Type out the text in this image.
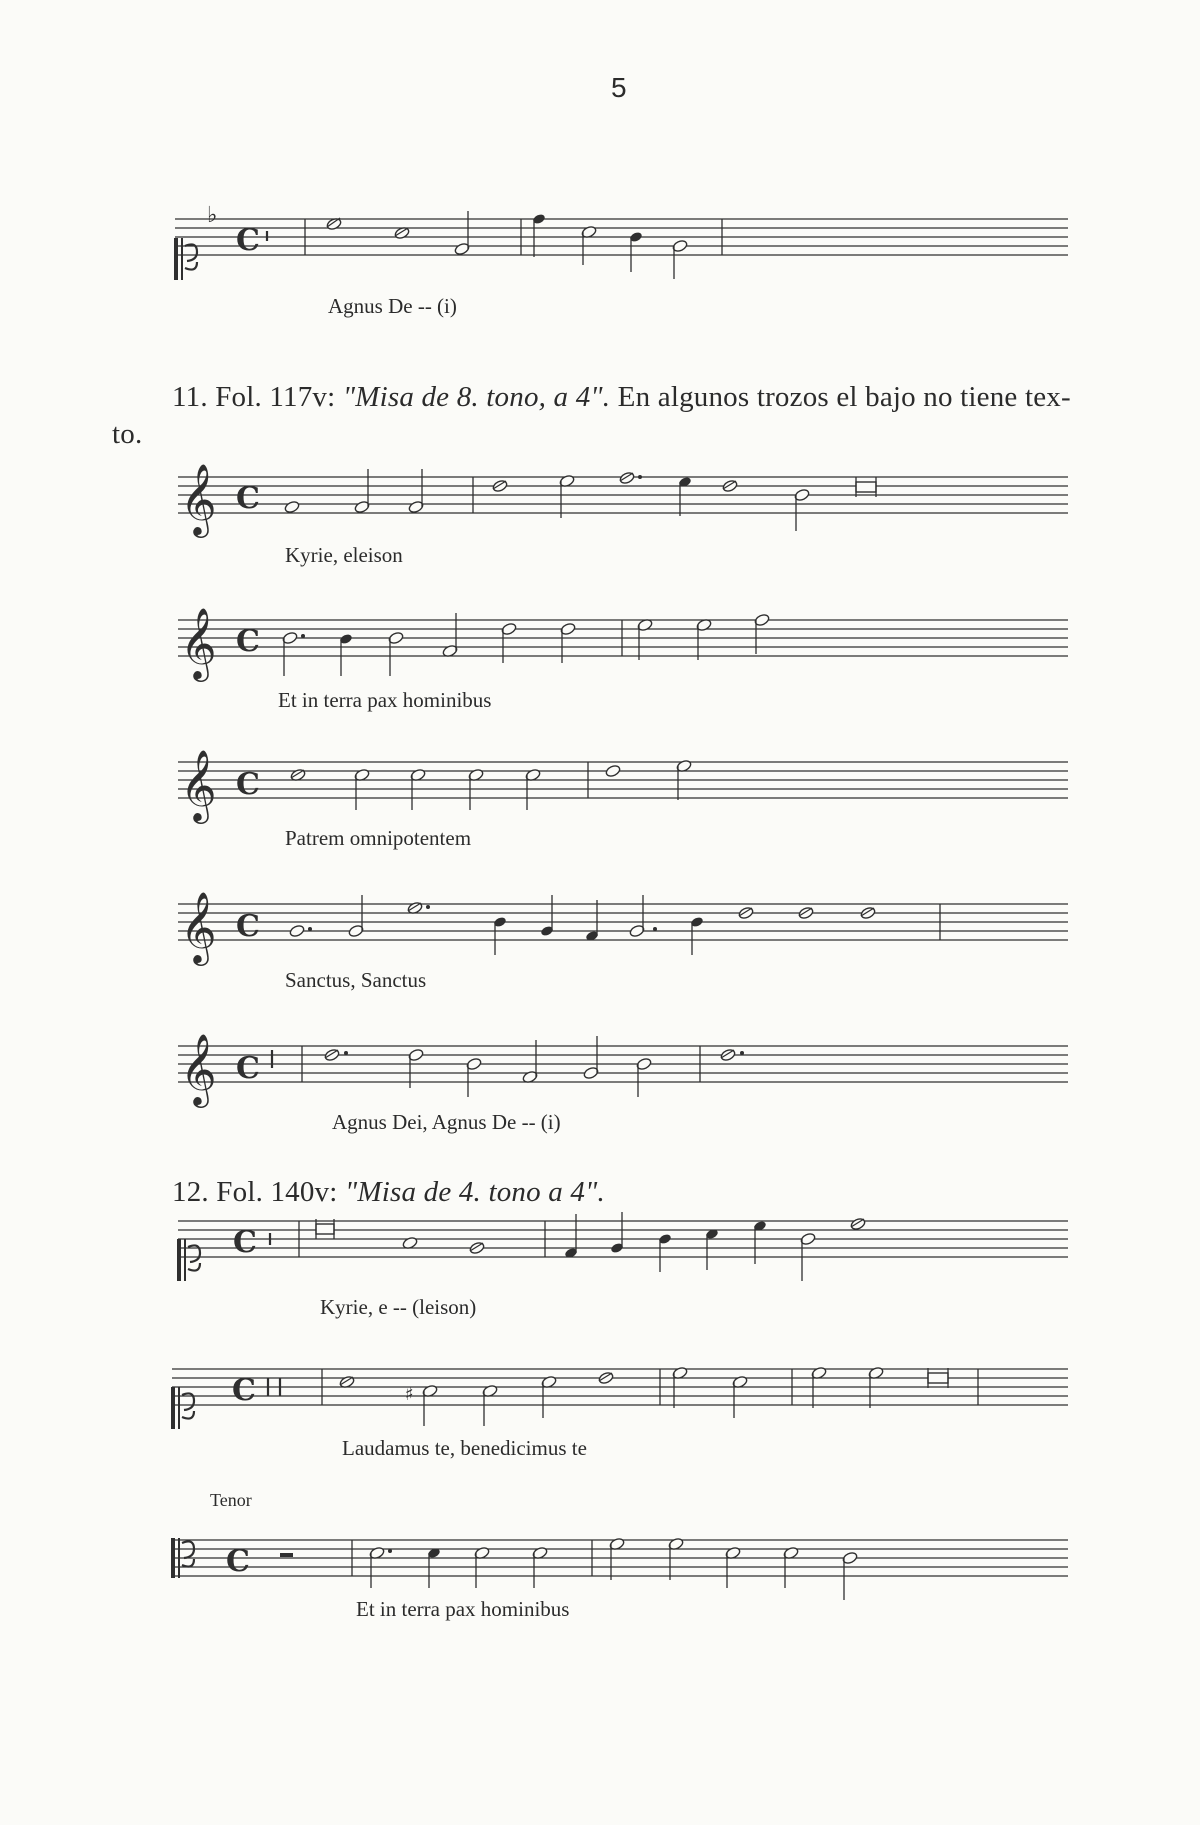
5
♭
C
𝄞 C
𝄞 C
𝄞 C
𝄞 C
𝄞 C
C
C	♯
C
Agnus De -- (i)
11. Fol. 117v: "Misa de 8. tono, a 4". En algunos trozos el bajo no tiene tex-
to.
Kyrie, eleison
Et in terra pax hominibus
Patrem omnipotentem
Sanctus, Sanctus
Agnus Dei, Agnus De -- (i)
12. Fol. 140v: "Misa de 4. tono a 4".
Kyrie, e -- (leison)
Laudamus te, benedicimus te
Tenor
Et in terra pax hominibus
